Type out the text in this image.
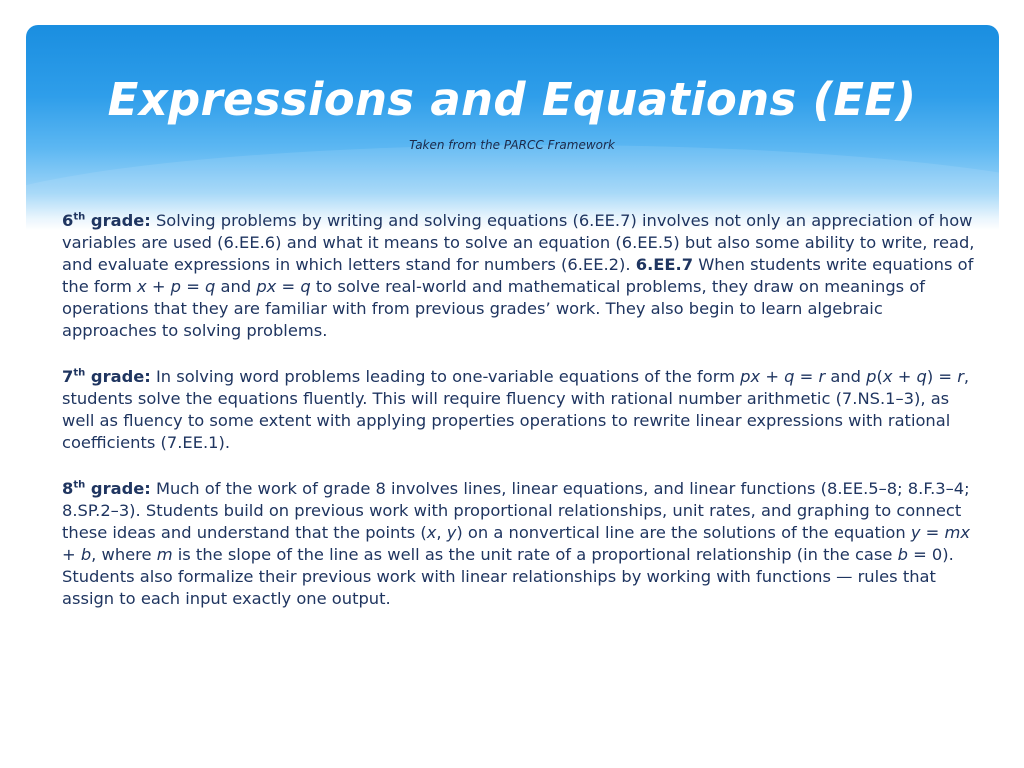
Expressions and Equations (EE)

Taken from the PARCC Framework

6th grade: Solving problems by writing and solving equations (6.EE.7) involves not only an appreciation of how variables are used (6.EE.6) and what it means to solve an equation (6.EE.5) but also some ability to write, read, and evaluate expressions in which letters stand for numbers (6.EE.2). 6.EE.7 When students write equations of the form x + p = q and px = q to solve real-world and mathematical problems, they draw on meanings of operations that they are familiar with from previous grades’ work. They also begin to learn algebraic approaches to solving problems.

7th grade: In solving word problems leading to one-variable equations of the form px + q = r and p(x + q) = r, students solve the equations fluently. This will require fluency with rational number arithmetic (7.NS.1–3), as well as fluency to some extent with applying properties operations to rewrite linear expressions with rational coefficients (7.EE.1).

8th grade: Much of the work of grade 8 involves lines, linear equations, and linear functions (8.EE.5–8; 8.F.3–4; 8.SP.2–3). Students build on previous work with proportional relationships, unit rates, and graphing to connect these ideas and understand that the points (x, y) on a nonvertical line are the solutions of the equation y = mx + b, where m is the slope of the line as well as the unit rate of a proportional relationship (in the case b = 0). Students also formalize their previous work with linear relationships by working with functions — rules that assign to each input exactly one output.
